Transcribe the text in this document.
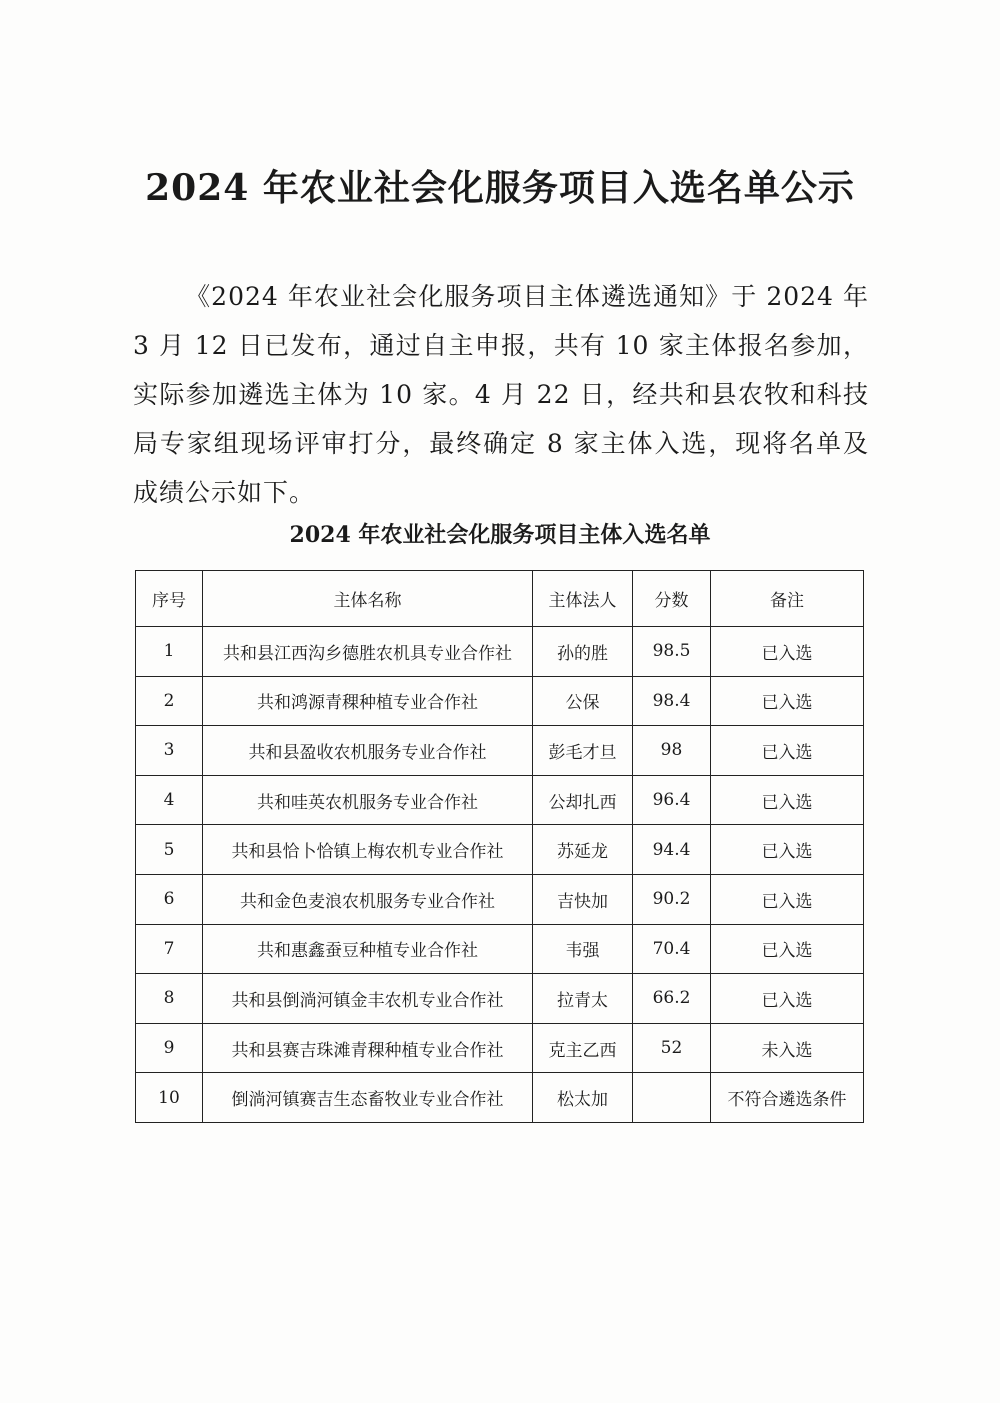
2024 年农业社会化服务项目入选名单公示
《2024 年农业社会化服务项目主体遴选通知》于 2024 年 3 月 12 日已发布，通过自主申报，共有 10 家主体报名参加，实际参加遴选主体为 10 家。4 月 22 日，经共和县农牧和科技局专家组现场评审打分，最终确定 8 家主体入选，现将名单及成绩公示如下。
2024 年农业社会化服务项目主体入选名单
序号	主体名称	主体法人	分数	备注
1	共和县江西沟乡德胜农机具专业合作社	孙的胜	98.5	已入选
2	共和鸿源青稞种植专业合作社	公保	98.4	已入选
3	共和县盈收农机服务专业合作社	彭毛才旦	98	已入选
4	共和哇英农机服务专业合作社	公却扎西	96.4	已入选
5	共和县恰卜恰镇上梅农机专业合作社	苏延龙	94.4	已入选
6	共和金色麦浪农机服务专业合作社	吉快加	90.2	已入选
7	共和惠鑫蚕豆种植专业合作社	韦强	70.4	已入选
8	共和县倒淌河镇金丰农机专业合作社	拉青太	66.2	已入选
9	共和县赛吉珠滩青稞种植专业合作社	克主乙西	52	未入选
10	倒淌河镇赛吉生态畜牧业专业合作社	松太加		不符合遴选条件
